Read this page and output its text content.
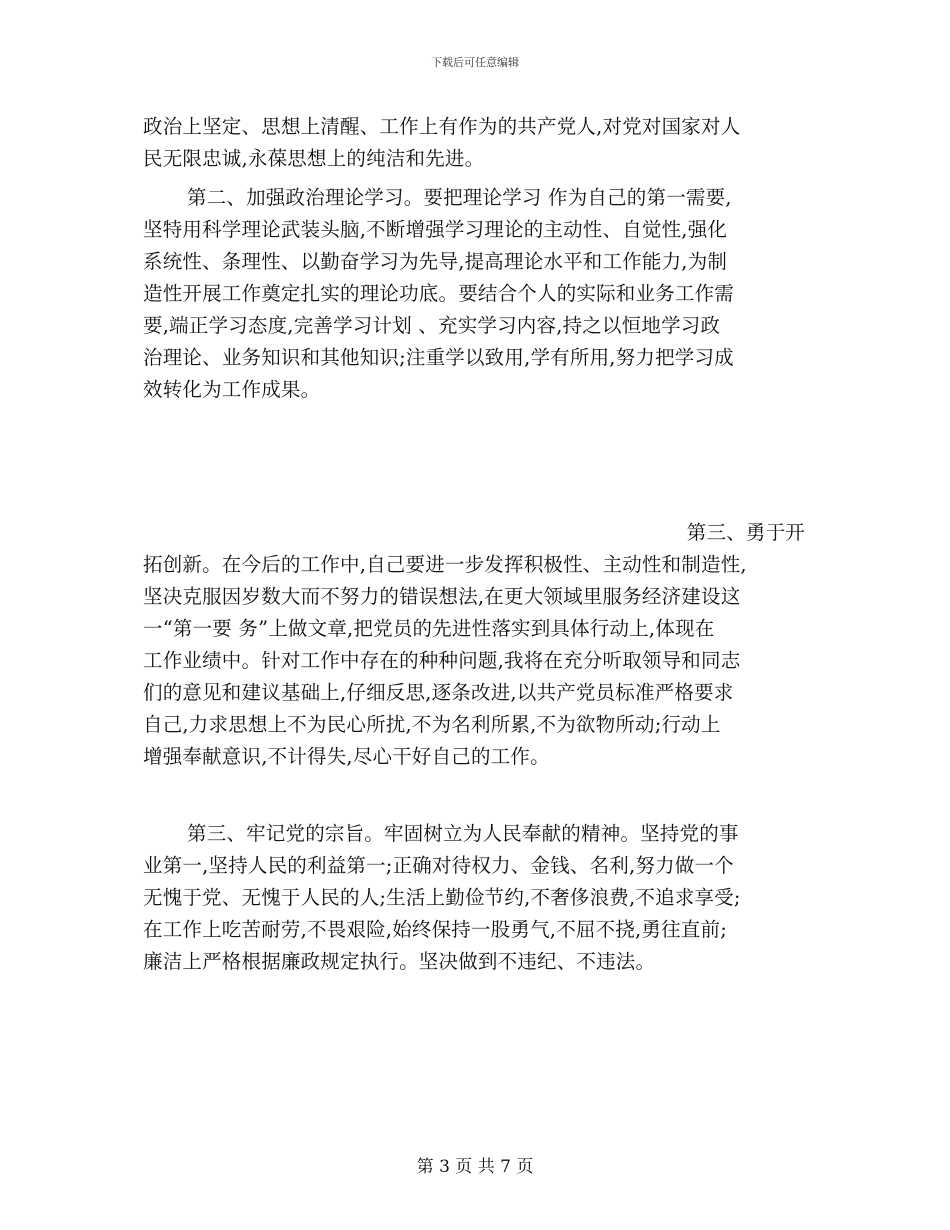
下载后可任意编辑
政治上坚定、思想上清醒、工作上有作为的共产党人,对党对国家对人
民无限忠诚,永葆思想上的纯洁和先进。
第二、加强政治理论学习。要把理论学习 作为自己的第一需要,
坚特用科学理论武装头脑,不断增强学习理论的主动性、自觉性,强化
系统性、条理性、以勤奋学习为先导,提高理论水平和工作能力,为制
造性开展工作奠定扎实的理论功底。要结合个人的实际和业务工作需
要,端正学习态度,完善学习计划 、充实学习内容,持之以恒地学习政
治理论、业务知识和其他知识;注重学以致用,学有所用,努力把学习成
效转化为工作成果。
第三、勇于开
拓创新。在今后的工作中,自己要进一步发挥积极性、主动性和制造性,
坚决克服因岁数大而不努力的错误想法,在更大领域里服务经济建设这
一“第一要 务”上做文章,把党员的先进性落实到具体行动上,体现在
工作业绩中。针对工作中存在的种种问题,我将在充分听取领导和同志
们的意见和建议基础上,仔细反思,逐条改进,以共产党员标准严格要求
自己,力求思想上不为民心所扰,不为名利所累,不为欲物所动;行动上
增强奉献意识,不计得失,尽心干好自己的工作。
第三、牢记党的宗旨。牢固树立为人民奉献的精神。坚持党的事
业第一,坚持人民的利益第一;正确对待权力、金钱、名利,努力做一个
无愧于党、无愧于人民的人;生活上勤俭节约,不奢侈浪费,不追求享受;
在工作上吃苦耐劳,不畏艰险,始终保持一股勇气,不屈不挠,勇往直前;
廉洁上严格根据廉政规定执行。坚决做到不违纪、不违法。
第 3 页 共 7 页
